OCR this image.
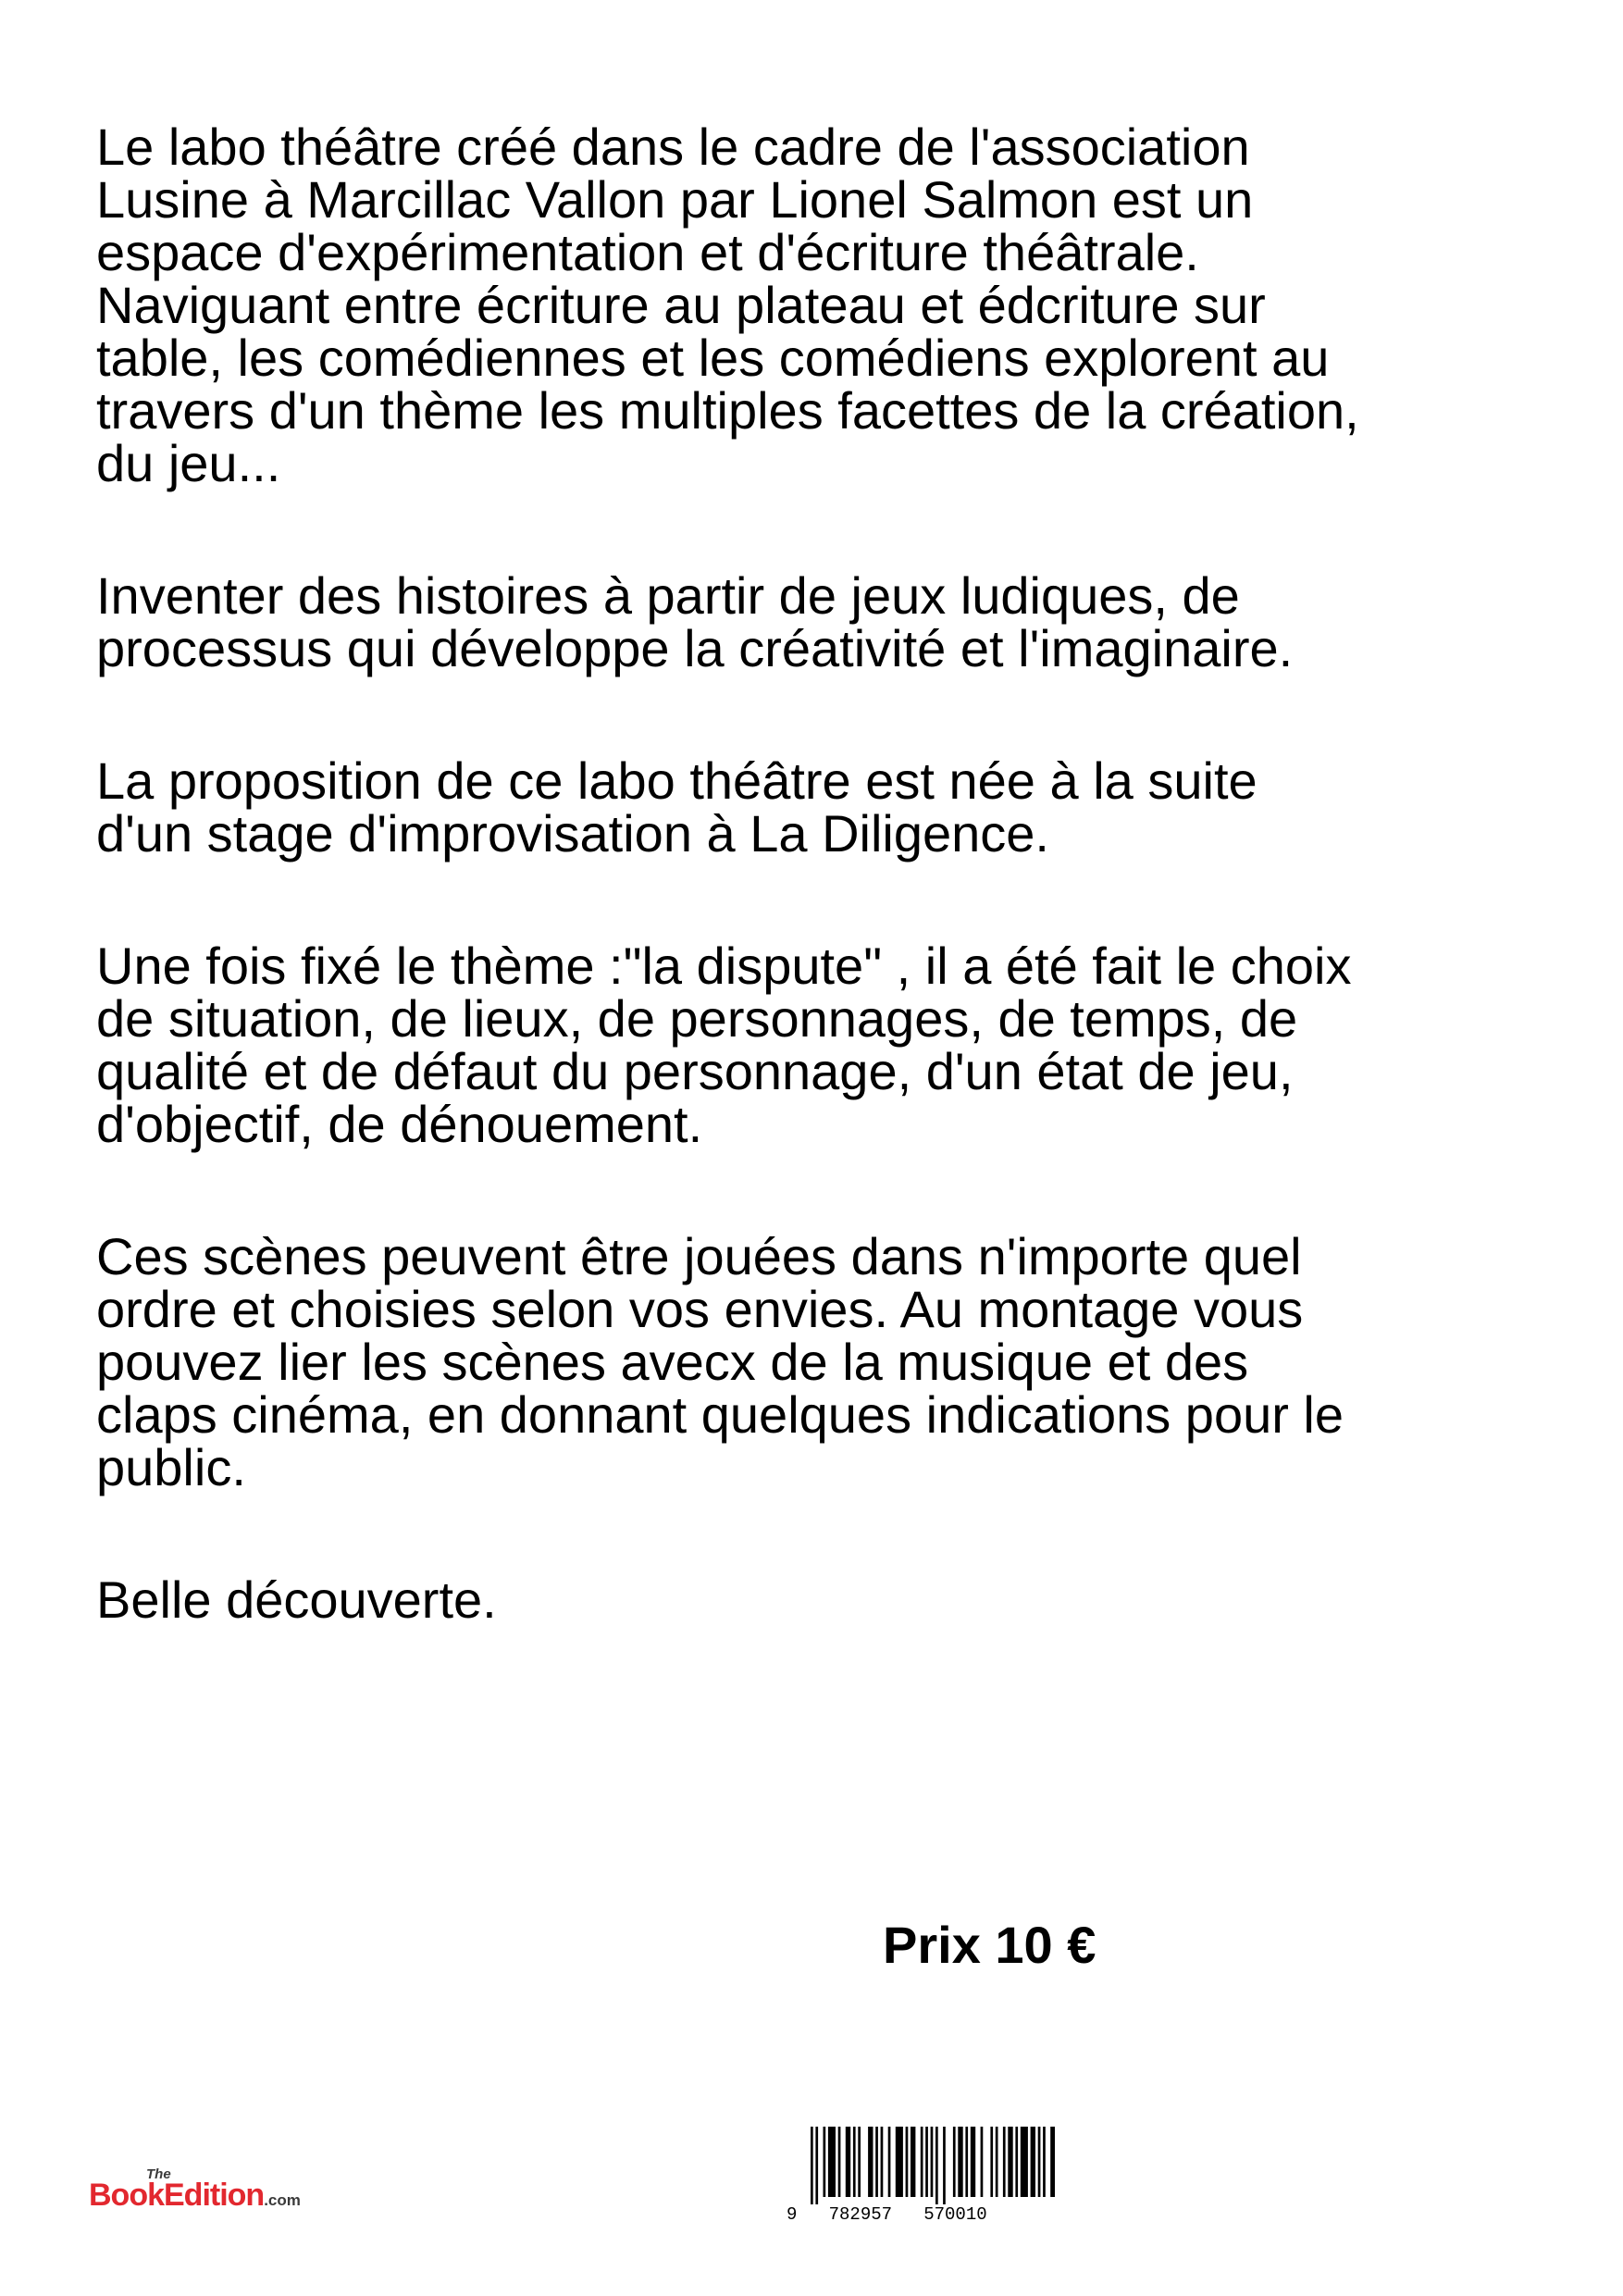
Le labo théâtre créé dans le cadre de l'association
Lusine à Marcillac Vallon par Lionel Salmon est un
espace d'expérimentation et d'écriture théâtrale.
Naviguant entre écriture au plateau et édcriture sur
table, les comédiennes et les comédiens explorent au
travers d'un thème les multiples facettes de la création,
du jeu...

Inventer des histoires à partir de jeux ludiques, de
processus qui développe la créativité et l'imaginaire.

La proposition de ce labo théâtre est née à la suite
d'un stage d'improvisation à La Diligence.

Une fois fixé le thème :"la dispute" , il a été fait le choix
de situation, de lieux, de personnages, de temps, de
qualité et de défaut du personnage, d'un état de jeu,
d'objectif, de dénouement.

Ces scènes peuvent être jouées dans n'importe quel
ordre et choisies selon vos envies. Au montage vous
pouvez lier les scènes avecx de la musique et des
claps cinéma, en donnant quelques indications pour le
public.

Belle découverte.

Prix 10 €
The
BookEdition.com
9   782957   570010
